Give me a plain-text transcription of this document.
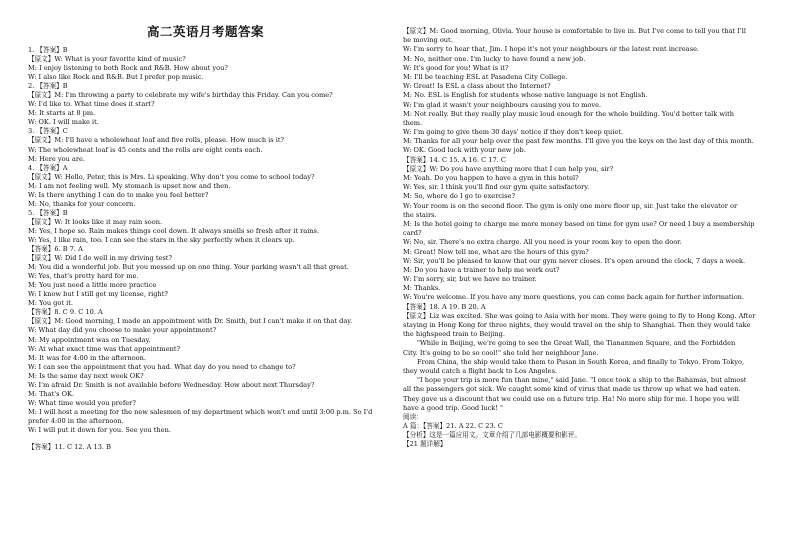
高二英语月考题答案
1. 【答案】B
【原文】W: What is your favorite kind of music?
M: I enjoy listening to both Rock and R&B. How about you?
W: I also like Rock and R&B. But I prefer pop music.
2. 【答案】B
【原文】M: I'm throwing a party to celebrate my wife's birthday this Friday. Can you come?
W: I'd like to. What time does it start?
M: It starts at 8 pm.
W: OK. I will make it.
3. 【答案】C
【原文】M: I'll have a wholewheat loaf and five rolls, please. How much is it?
W: The wholewheat loaf is 45 cents and the rolls are eight cents each.
M: Here you are.
4. 【答案】A
【原文】W: Hello, Peter, this is Mrs. Li speaking. Why don't you come to school today?
M: I am not feeling well. My stomach is upset now and then.
W: Is there anything I can do to make you feel better?
M: No, thanks for your concern.
5. 【答案】B
【原文】W: It looks like it may rain soon.
M: Yes, I hope so. Rain makes things cool down. It always smells so fresh after it rains.
W: Yes, I like rain, too. I can see the stars in the sky perfectly when it clears up.
【答案】6. B 7. A
【原文】W: Did I do well in my driving test?
M: You did a wonderful job. But you messed up on one thing. Your parking wasn't all that great.
W: Yes, that's pretty hard for me.
M: You just need a little more practice
W: I know but I still get my license, right?
M: You got it.
【答案】8. C 9. C 10. A
【原文】M: Good morning, I made an appointment with Dr. Smith, but I can't make it on that day.
W: What day did you choose to make your appointment?
M: My appointment was on Tuesday.
W: At what exact time was that appointment?
M: It was for 4:00 in the afternoon.
W: I can see the appointment that you had. What day do you need to change to?
M: Is the same day next week OK?
W: I'm afraid Dr. Smith is not available before Wednesday. How about next Thursday?
M: That's OK.
W: What time would you prefer?
M: I will host a meeting for the new salesmen of my department which won't end until 3:00 p.m. So I'd
prefer 4:00 in the afternoon.
W: I will put it down for you. See you then.
【答案】11. C 12. A 13. B
【原文】M: Good morning, Olivia. Your house is comfortable to live in. But I've come to tell you that I'll
be moving out.
W: I'm sorry to hear that, Jim. I hope it's not your neighbours or the latest rent increase.
M: No, neither one. I'm lucky to have found a new job.
W: It's good for you! What is it?
M: I'll be teaching ESL at Pasadena City College.
W: Great! Is ESL a class about the Internet?
M: No. ESL is English for students whose native language is not English.
W: I'm glad it wasn't your neighbours causing you to move.
M: Not really. But they really play music loud enough for the whole building. You'd better talk with
them.
W: I'm going to give them 30 days' notice if they don't keep quiet.
M: Thanks for all your help over the past few months. I'll give you the keys on the last day of this month.
W: OK. Good luck with your new job.
【答案】14. C 15. A 16. C 17. C
【原文】W: Do you have anything more that I can help you, sir?
M: Yeah. Do you happen to have a gym in this hotel?
W: Yes, sir. I think you'll find our gym quite satisfactory.
M: So, where do I go to exercise?
W: Your room is on the second floor. The gym is only one more floor up, sir. Just take the elevator or
the stairs.
M: Is the hotel going to charge me more money based on time for gym use? Or need I buy a membership
card?
W: No, sir. There's no extra charge. All you need is your room key to open the door.
M: Great! Now tell me, what are the hours of this gym?
W: Sir, you'll be pleased to know that our gym never closes. It's open around the clock, 7 days a week.
M: Do you have a trainer to help me work out?
W: I'm sorry, sir, but we have no trainer.
M: Thanks.
W: You're welcome. If you have any more questions, you can come back again for further information.
【答案】18. A 19. B 20. A
【原文】Liz was excited. She was going to Asia with her mom. They were going to fly to Hong Kong. After
staying in Hong Kong for three nights, they would travel on the ship to Shanghai. Then they would take
the highspeed train to Beijing.
"While in Beijing, we're going to see the Great Wall, the Tiananmen Square, and the Forbidden
City. It's going to be so cool!" she told her neighbour Jane.
From China, the ship would take them to Pusan in South Korea, and finally to Tokyo. From Tokyo,
they would catch a flight back to Los Angeles.
"I hope your trip is more fun than mine," said Jane. "I once took a ship to the Bahamas, but almost
all the passengers got sick. We caught some kind of virus that made us throw up what we had eaten.
They gave us a discount that we could use on a future trip. Ha! No more ship for me. I hope you will
have a good trip. Good luck! "
阅读：
A 篇：【答案】21. A 22. C 23. C
【分析】这是一篇应用文。文章介绍了几部电影概要和影评。
【21 题详解】
